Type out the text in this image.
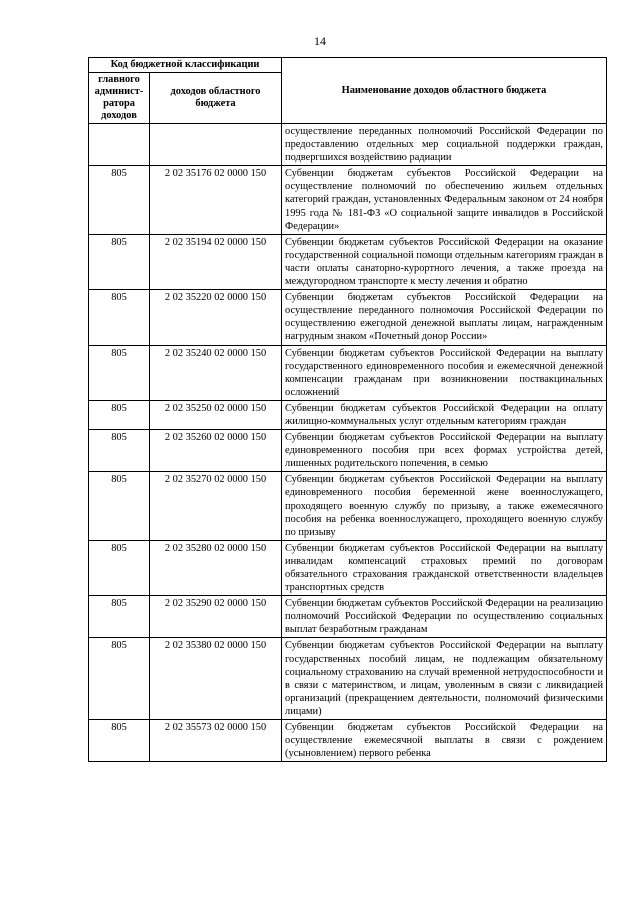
14
Код бюджетной классификации		Наименование доходов областного бюджета
главного админист-ратора доходов	доходов областного бюджета	
		осуществление переданных полномочий Российской Федерации по предоставлению отдельных мер социальной поддержки граждан, подвергшихся воздействию радиации
805	2 02 35176 02 0000 150	Субвенции бюджетам субъектов Российской Федерации на осуществление полномочий по обеспечению жильем отдельных категорий граждан, установленных Федеральным законом от 24 ноября 1995 года № 181-ФЗ «О социальной защите инвалидов в Российской Федерации»
805	2 02 35194 02 0000 150	Субвенции бюджетам субъектов Российской Федерации на оказание государственной социальной помощи отдельным категориям граждан в части оплаты санаторно-курортного лечения, а также проезда на междугородном транспорте к месту лечения и обратно
805	2 02 35220 02 0000 150	Субвенции бюджетам субъектов Российской Федерации на осуществление переданного полномочия Российской Федерации по осуществлению ежегодной денежной выплаты лицам, награжденным нагрудным знаком «Почетный донор России»
805	2 02 35240 02 0000 150	Субвенции бюджетам субъектов Российской Федерации на выплату государственного единовременного пособия и ежемесячной денежной компенсации гражданам при возникновении поствакцинальных осложнений
805	2 02 35250 02 0000 150	Субвенции бюджетам субъектов Российской Федерации на оплату жилищно-коммунальных услуг отдельным категориям граждан
805	2 02 35260 02 0000 150	Субвенции бюджетам субъектов Российской Федерации на выплату единовременного пособия при всех формах устройства детей, лишенных родительского попечения, в семью
805	2 02 35270 02 0000 150	Субвенции бюджетам субъектов Российской Федерации на выплату единовременного пособия беременной жене военнослужащего, проходящего военную службу по призыву, а также ежемесячного пособия на ребенка военнослужащего, проходящего военную службу по призыву
805	2 02 35280 02 0000 150	Субвенции бюджетам субъектов Российской Федерации на выплату инвалидам компенсаций страховых премий по договорам обязательного страхования гражданской ответственности владельцев транспортных средств
805	2 02 35290 02 0000 150	Субвенции бюджетам субъектов Российской Федерации на реализацию полномочий Российской Федерации по осуществлению социальных выплат безработным гражданам
805	2 02 35380 02 0000 150	Субвенции бюджетам субъектов Российской Федерации на выплату государственных пособий лицам, не подлежащим обязательному социальному страхованию на случай временной нетрудоспособности и в связи с материнством, и лицам, уволенным в связи с ликвидацией организаций (прекращением деятельности, полномочий физическими лицами)
805	2 02 35573 02 0000 150	Субвенции бюджетам субъектов Российской Федерации на осуществление ежемесячной выплаты в связи с рождением (усыновлением) первого ребенка
